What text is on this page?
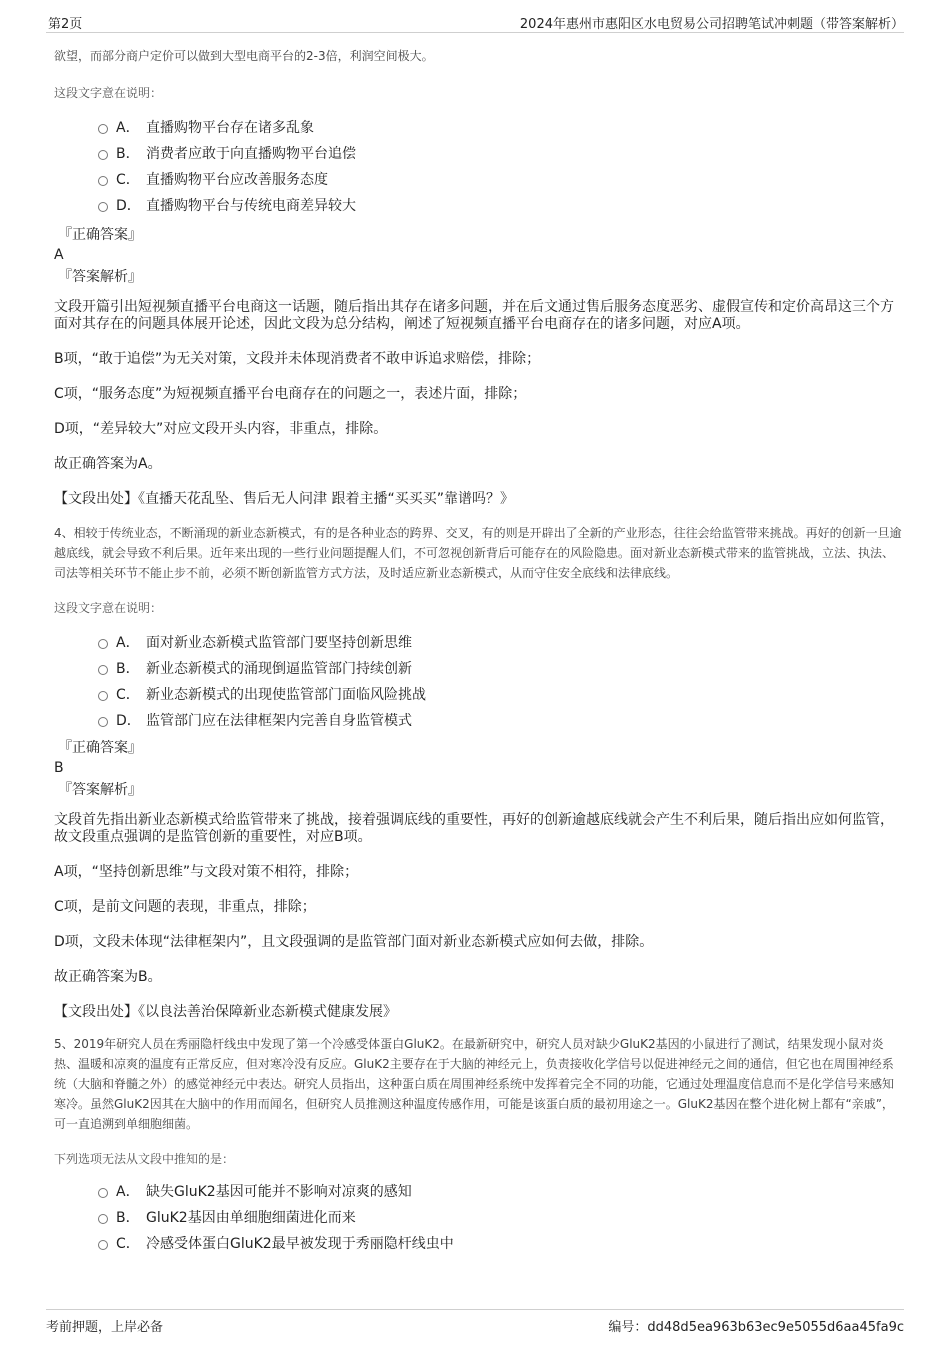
第2页	2024年惠州市惠阳区水电贸易公司招聘笔试冲刺题（带答案解析）

欲望，而部分商户定价可以做到大型电商平台的2-3倍，利润空间极大。

这段文字意在说明：

A． 直播购物平台存在诸多乱象
B． 消费者应敢于向直播购物平台追偿
C． 直播购物平台应改善服务态度
D． 直播购物平台与传统电商差异较大

『正确答案』

A

『答案解析』

文段开篇引出短视频直播平台电商这一话题，随后指出其存在诸多问题，并在后文通过售后服务态度恶劣、虚假宣传和定价高昂这三个方面对其存在的问题具体展开论述，因此文段为总分结构，阐述了短视频直播平台电商存在的诸多问题，对应A项。

B项，“敢于追偿”为无关对策，文段并未体现消费者不敢申诉追求赔偿，排除；

C项，“服务态度”为短视频直播平台电商存在的问题之一，表述片面，排除；

D项，“差异较大”对应文段开头内容，非重点，排除。

故正确答案为A。

【文段出处】《直播天花乱坠、售后无人问津 跟着主播“买买买”靠谱吗？》

4、相较于传统业态，不断涌现的新业态新模式，有的是各种业态的跨界、交叉，有的则是开辟出了全新的产业形态，往往会给监管带来挑战。再好的创新一旦逾越底线，就会导致不利后果。近年来出现的一些行业问题提醒人们，不可忽视创新背后可能存在的风险隐患。面对新业态新模式带来的监管挑战，立法、执法、司法等相关环节不能止步不前，必须不断创新监管方式方法，及时适应新业态新模式，从而守住安全底线和法律底线。

这段文字意在说明：

A． 面对新业态新模式监管部门要坚持创新思维
B． 新业态新模式的涌现倒逼监管部门持续创新
C． 新业态新模式的出现使监管部门面临风险挑战
D． 监管部门应在法律框架内完善自身监管模式

『正确答案』

B

『答案解析』

文段首先指出新业态新模式给监管带来了挑战，接着强调底线的重要性，再好的创新逾越底线就会产生不利后果，随后指出应如何监管，故文段重点强调的是监管创新的重要性，对应B项。

A项，“坚持创新思维”与文段对策不相符，排除；

C项，是前文问题的表现，非重点，排除；

D项，文段未体现“法律框架内”，且文段强调的是监管部门面对新业态新模式应如何去做，排除。

故正确答案为B。

【文段出处】《以良法善治保障新业态新模式健康发展》

5、2019年研究人员在秀丽隐杆线虫中发现了第一个冷感受体蛋白GluK2。在最新研究中，研究人员对缺少GluK2基因的小鼠进行了测试，结果发现小鼠对炎热、温暖和凉爽的温度有正常反应，但对寒冷没有反应。GluK2主要存在于大脑的神经元上，负责接收化学信号以促进神经元之间的通信，但它也在周围神经系统（大脑和脊髓之外）的感觉神经元中表达。研究人员指出，这种蛋白质在周围神经系统中发挥着完全不同的功能，它通过处理温度信息而不是化学信号来感知寒冷。虽然GluK2因其在大脑中的作用而闻名，但研究人员推测这种温度传感作用，可能是该蛋白质的最初用途之一。GluK2基因在整个进化树上都有“亲戚”，可一直追溯到单细胞细菌。

下列选项无法从文段中推知的是：

A． 缺失GluK2基因可能并不影响对凉爽的感知
B． GluK2基因由单细胞细菌进化而来
C． 冷感受体蛋白GluK2最早被发现于秀丽隐杆线虫中
考前押题，上岸必备	编号：dd48d5ea963b63ec9e5055d6aa45fa9c
